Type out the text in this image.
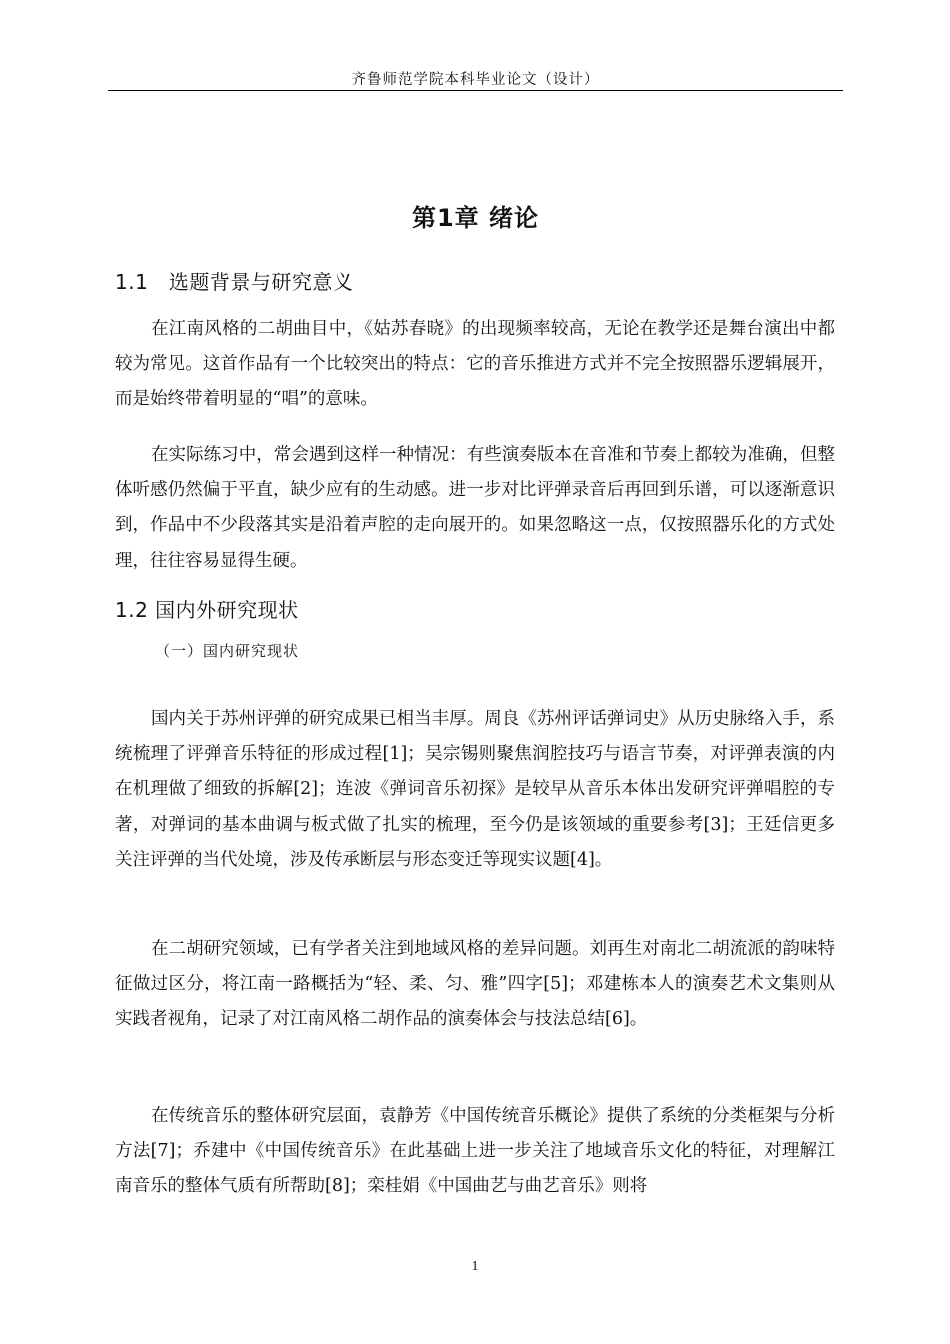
齐鲁师范学院本科毕业论文（设计）
第1章 绪论
1.1   选题背景与研究意义

在江南风格的二胡曲目中，《姑苏春晓》的出现频率较高，无论在教学还是舞台演出中都较为常见。这首作品有一个比较突出的特点：它的音乐推进方式并不完全按照器乐逻辑展开，而是始终带着明显的“唱”的意味。

在实际练习中，常会遇到这样一种情况：有些演奏版本在音准和节奏上都较为准确，但整体听感仍然偏于平直，缺少应有的生动感。进一步对比评弹录音后再回到乐谱，可以逐渐意识到，作品中不少段落其实是沿着声腔的走向展开的。如果忽略这一点，仅按照器乐化的方式处理，往往容易显得生硬。

1.2 国内外研究现状
（一）国内研究现状

国内关于苏州评弹的研究成果已相当丰厚。周良《苏州评话弹词史》从历史脉络入手，系统梳理了评弹音乐特征的形成过程[1]；吴宗锡则聚焦润腔技巧与语言节奏，对评弹表演的内在机理做了细致的拆解[2]；连波《弹词音乐初探》是较早从音乐本体出发研究评弹唱腔的专著，对弹词的基本曲调与板式做了扎实的梳理，至今仍是该领域的重要参考[3]；王廷信更多关注评弹的当代处境，涉及传承断层与形态变迁等现实议题[4]。

在二胡研究领域，已有学者关注到地域风格的差异问题。刘再生对南北二胡流派的韵味特征做过区分，将江南一路概括为“轻、柔、匀、雅”四字[5]；邓建栋本人的演奏艺术文集则从实践者视角，记录了对江南风格二胡作品的演奏体会与技法总结[6]。

在传统音乐的整体研究层面，袁静芳《中国传统音乐概论》提供了系统的分类框架与分析方法[7]；乔建中《中国传统音乐》在此基础上进一步关注了地域音乐文化的特征，对理解江南音乐的整体气质有所帮助[8]；栾桂娟《中国曲艺与曲艺音乐》则将

1
